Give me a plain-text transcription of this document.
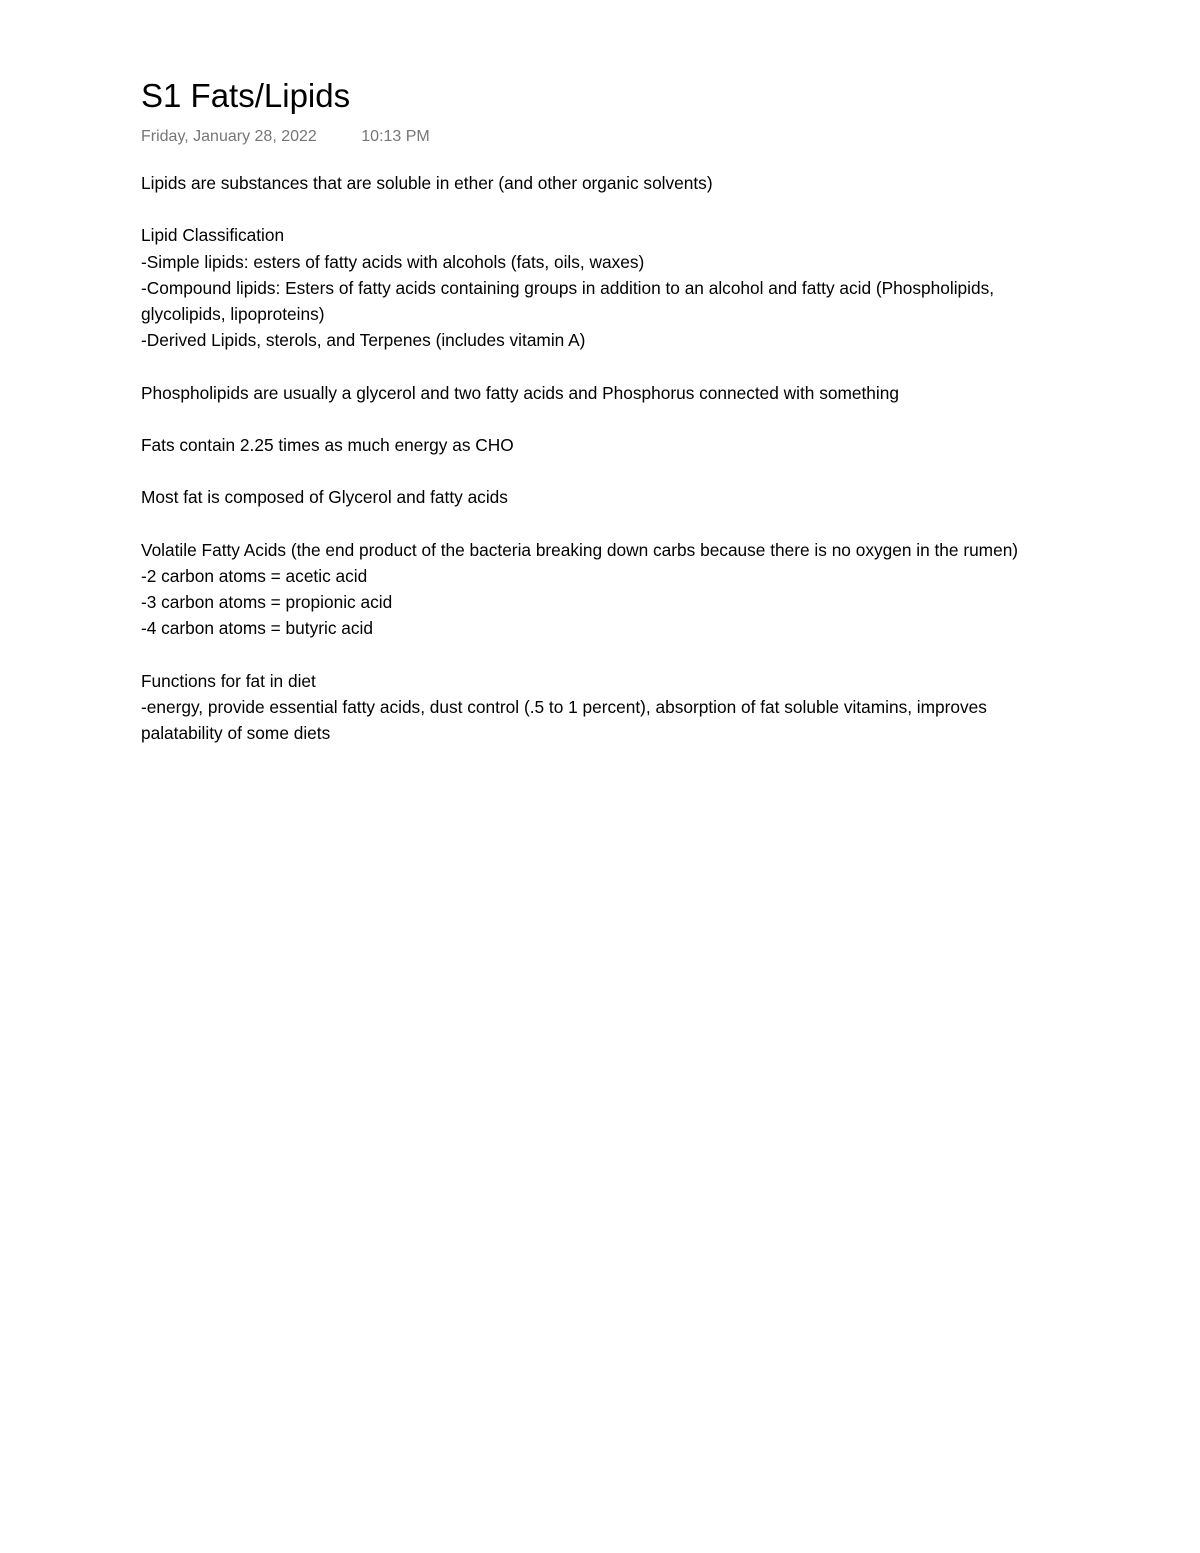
S1 Fats/Lipids
Friday, January 28, 2022	10:13 PM

Lipids are substances that are soluble in ether (and other organic solvents)

Lipid Classification

-Simple lipids: esters of fatty acids with alcohols (fats, oils, waxes)

-Compound lipids: Esters of fatty acids containing groups in addition to an alcohol and fatty acid (Phospholipids, glycolipids, lipoproteins)

-Derived Lipids, sterols, and Terpenes (includes vitamin A)

Phospholipids are usually a glycerol and two fatty acids and Phosphorus connected with something

Fats contain 2.25 times as much energy as CHO

Most fat is composed of Glycerol and fatty acids

Volatile Fatty Acids (the end product of the bacteria breaking down carbs because there is no oxygen in the rumen)

-2 carbon atoms = acetic acid

-3 carbon atoms = propionic acid

-4 carbon atoms = butyric acid

Functions for fat in diet

-energy, provide essential fatty acids, dust control (.5 to 1 percent), absorption of fat soluble vitamins, improves palatability of some diets
